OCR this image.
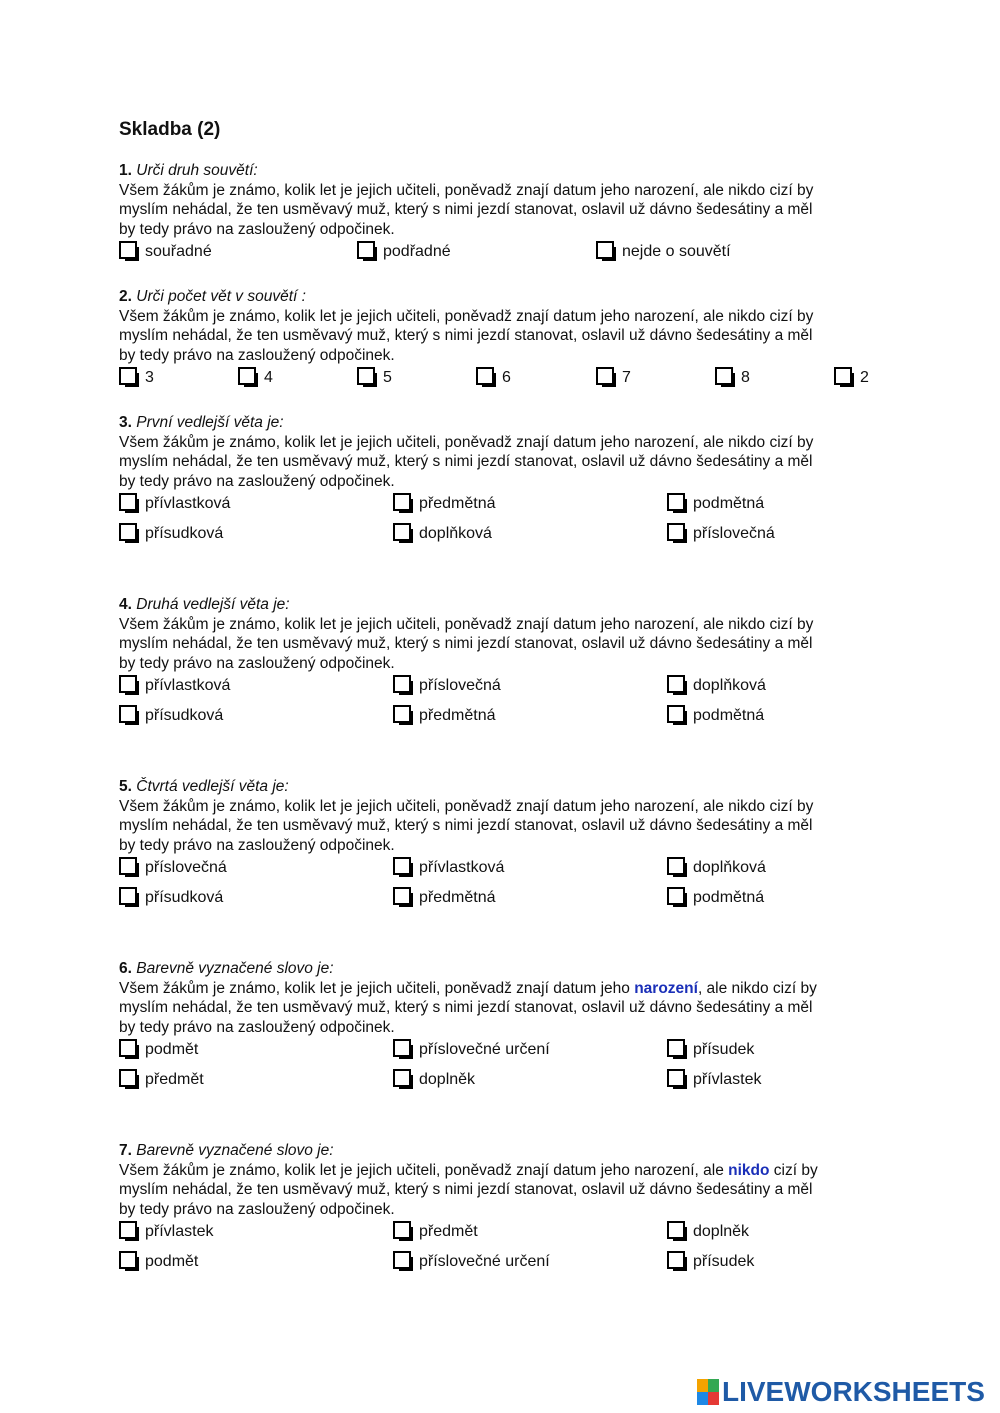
Skladba (2)
1. Urči druh souvětí:
Všem žákům je známo, kolik let je jejich učiteli, poněvadž znají datum jeho narození, ale nikdo cizí by
myslím nehádal, že ten usměvavý muž, který s nimi jezdí stanovat, oslavil už dávno šedesátiny a měl
by tedy právo na zasloužený odpočinek.
souřadné	podřadné	nejde o souvětí
2. Urči počet vět v souvětí :
Všem žákům je známo, kolik let je jejich učiteli, poněvadž znají datum jeho narození, ale nikdo cizí by
myslím nehádal, že ten usměvavý muž, který s nimi jezdí stanovat, oslavil už dávno šedesátiny a měl
by tedy právo na zasloužený odpočinek.
3	4	5	6	7	8	2
3. První vedlejší věta je:
Všem žákům je známo, kolik let je jejich učiteli, poněvadž znají datum jeho narození, ale nikdo cizí by
myslím nehádal, že ten usměvavý muž, který s nimi jezdí stanovat, oslavil už dávno šedesátiny a měl
by tedy právo na zasloužený odpočinek.
přívlastková	předmětná	podmětná
přísudková	doplňková	příslovečná
4. Druhá vedlejší věta je:
Všem žákům je známo, kolik let je jejich učiteli, poněvadž znají datum jeho narození, ale nikdo cizí by
myslím nehádal, že ten usměvavý muž, který s nimi jezdí stanovat, oslavil už dávno šedesátiny a měl
by tedy právo na zasloužený odpočinek.
přívlastková	příslovečná	doplňková
přísudková	předmětná	podmětná
5. Čtvrtá vedlejší věta je:
Všem žákům je známo, kolik let je jejich učiteli, poněvadž znají datum jeho narození, ale nikdo cizí by
myslím nehádal, že ten usměvavý muž, který s nimi jezdí stanovat, oslavil už dávno šedesátiny a měl
by tedy právo na zasloužený odpočinek.
příslovečná	přívlastková	doplňková
přísudková	předmětná	podmětná
6. Barevně vyznačené slovo je:
Všem žákům je známo, kolik let je jejich učiteli, poněvadž znají datum jeho narození, ale nikdo cizí by
myslím nehádal, že ten usměvavý muž, který s nimi jezdí stanovat, oslavil už dávno šedesátiny a měl
by tedy právo na zasloužený odpočinek.
podmět	příslovečné určení	přísudek
předmět	doplněk	přívlastek
7. Barevně vyznačené slovo je:
Všem žákům je známo, kolik let je jejich učiteli, poněvadž znají datum jeho narození, ale nikdo cizí by
myslím nehádal, že ten usměvavý muž, který s nimi jezdí stanovat, oslavil už dávno šedesátiny a měl
by tedy právo na zasloužený odpočinek.
přívlastek	předmět	doplněk
podmět	příslovečné určení	přísudek
LIVEWORKSHEETS
